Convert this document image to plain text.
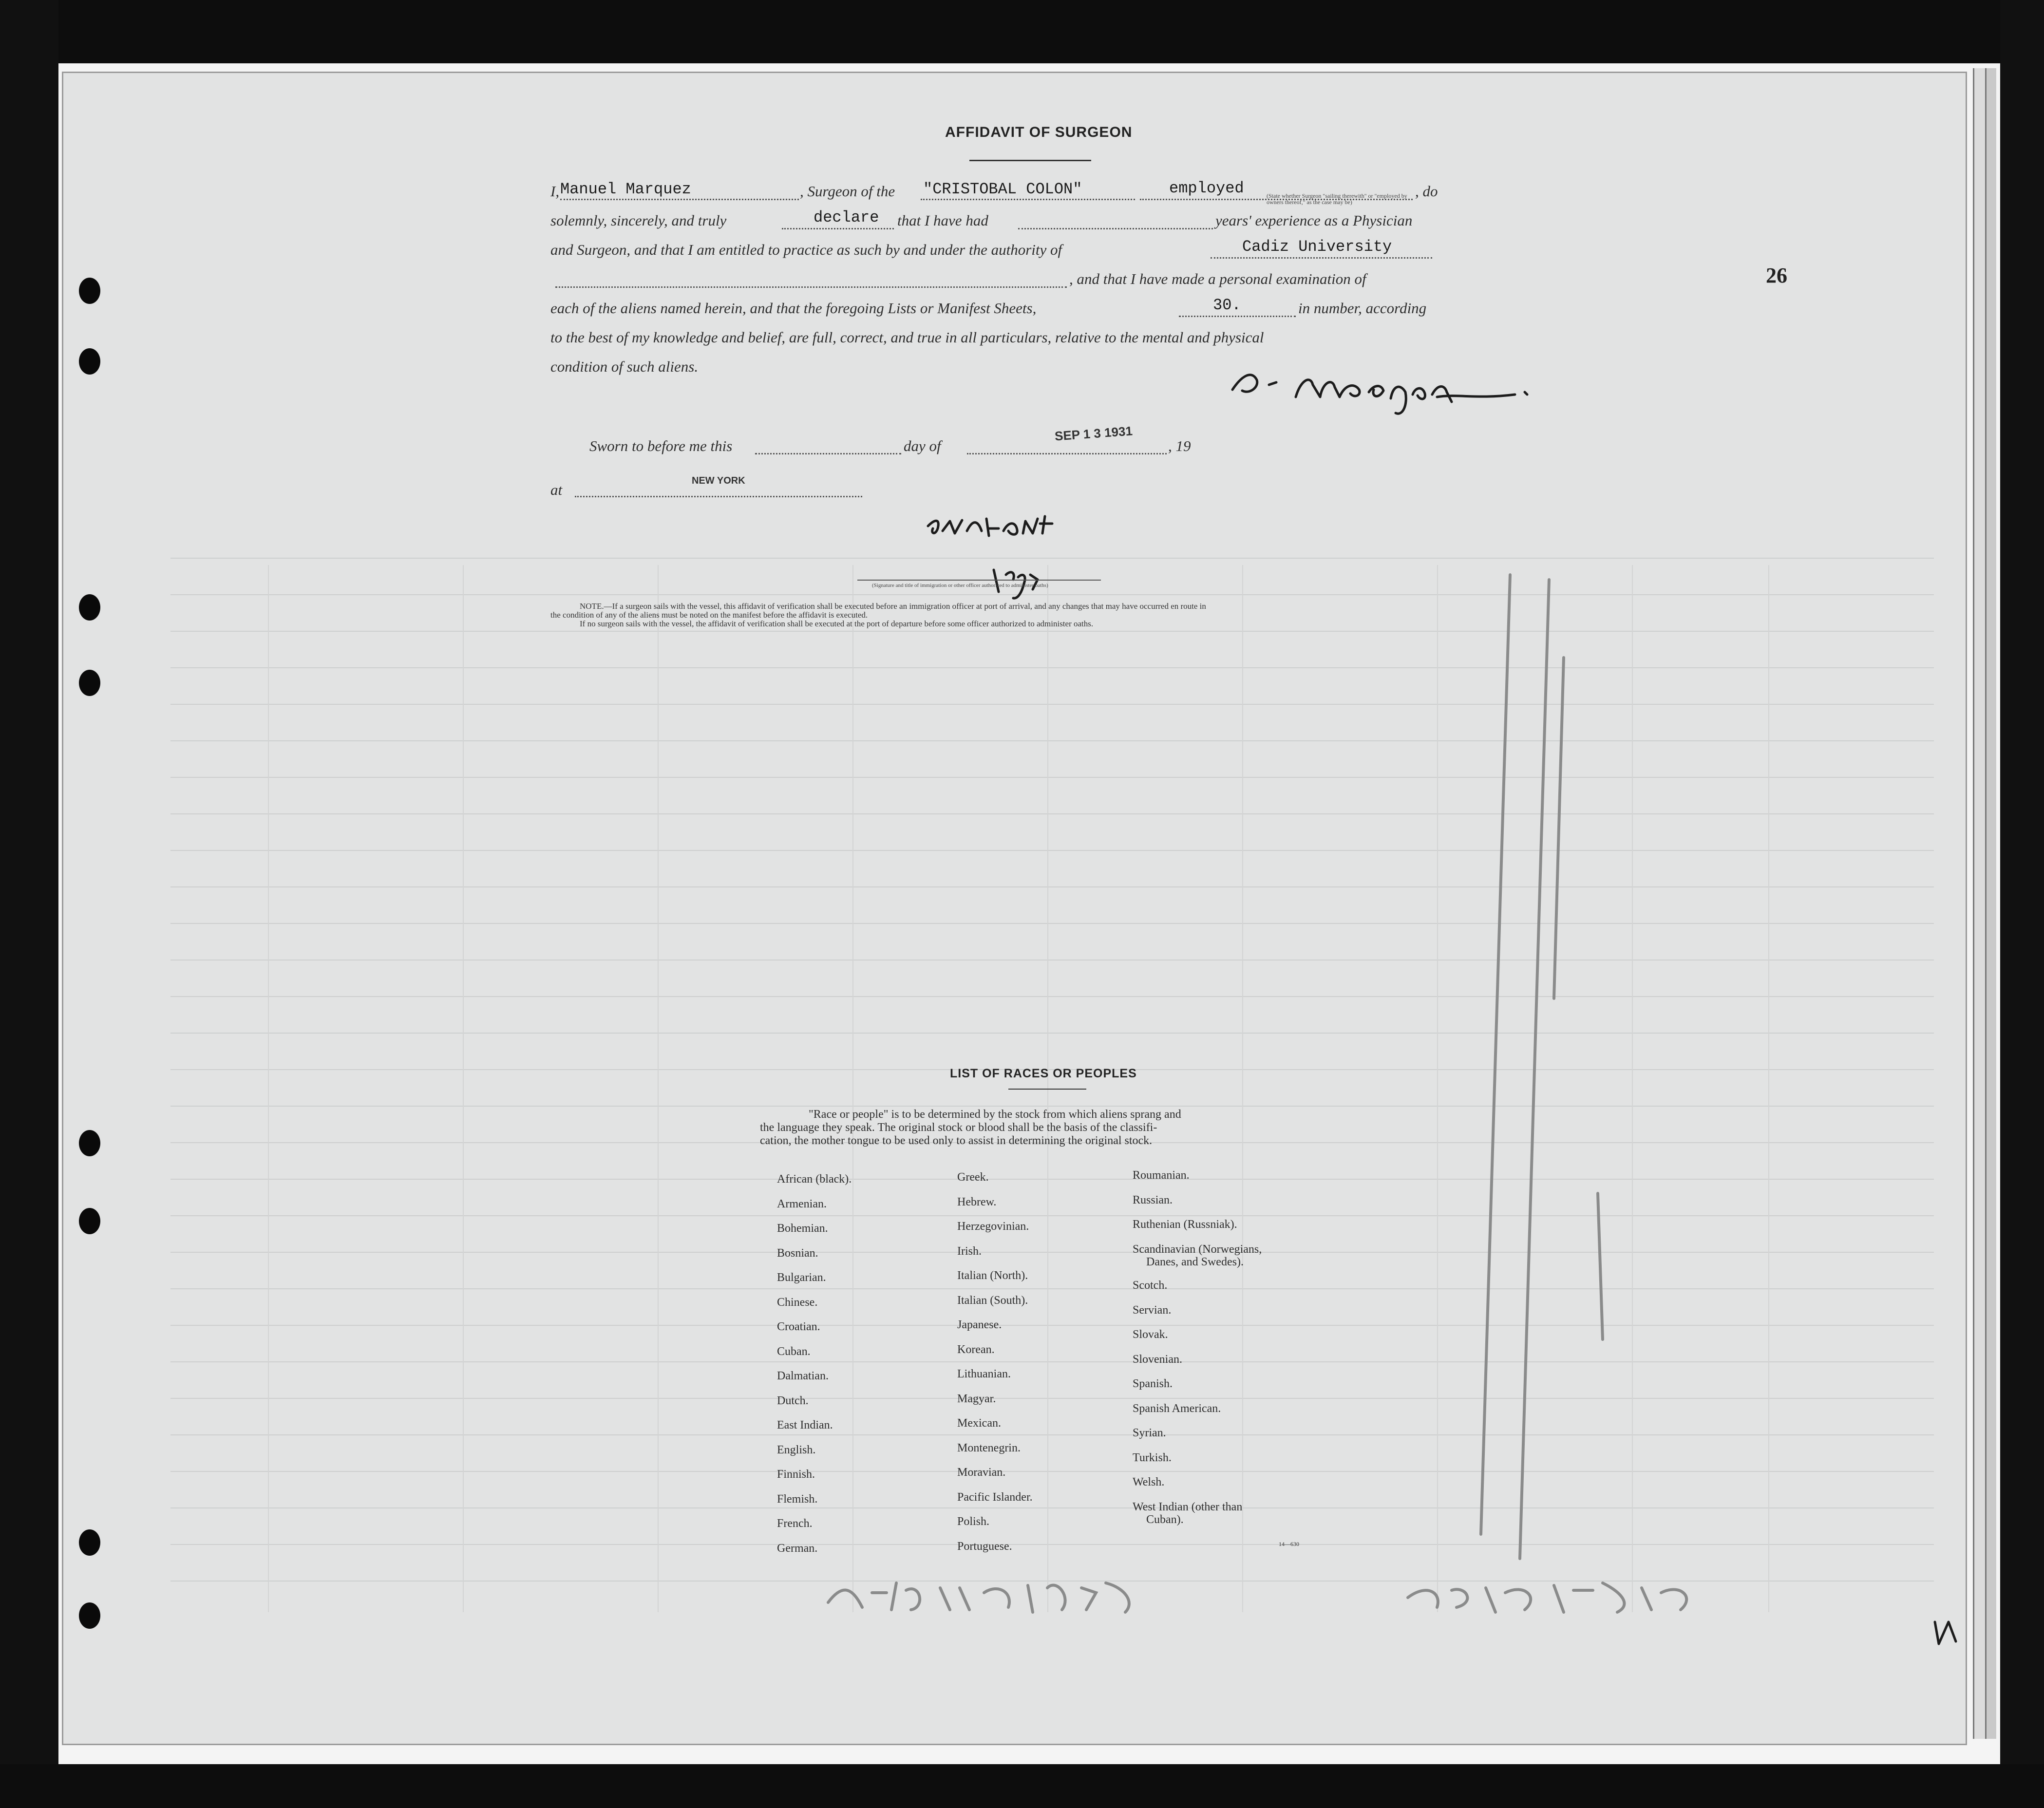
26
AFFIDAVIT OF SURGEON
I, Manuel Marquez	, Surgeon of the "CRISTOBAL COLON"	employed	, do
(State whether Surgeon "sailing therewith" or "employed by owners thereof," as the case may be)
solemnly, sincerely, and truly	declare that I have had	years' experience as a Physician
and Surgeon, and that I am entitled to practice as such by and under the authority of	Cadiz University
, and that I have made a personal examination of
each of the aliens named herein, and that the foregoing Lists or Manifest Sheets,	30.	in number, according
to the best of my knowledge and belief, are full, correct, and true in all particulars, relative to the mental and physical
condition of such aliens.
Sworn to before me this	day of
SEP 1 3 1931
, 19
at
NEW YORK
(Signature and title of immigration or other officer authorized to administer oaths)
NOTE.—If a surgeon sails with the vessel, this affidavit of verification shall be executed before an immigration officer at port of arrival, and any changes that may have occurred en route in
the condition of any of the aliens must be noted on the manifest before the affidavit is executed.
If no surgeon sails with the vessel, the affidavit of verification shall be executed at the port of departure before some officer authorized to administer oaths.
LIST OF RACES OR PEOPLES
"Race or people" is to be determined by the stock from which aliens sprang and
the language they speak. The original stock or blood shall be the basis of the classifi-
cation, the mother tongue to be used only to assist in determining the original stock.
African (black).
Armenian.
Bohemian.
Bosnian.
Bulgarian.
Chinese.
Croatian.
Cuban.
Dalmatian.
Dutch.
East Indian.
English.
Finnish.
Flemish.
French.
German.
Greek.
Hebrew.
Herzegovinian.
Irish.
Italian (North).
Italian (South).
Japanese.
Korean.
Lithuanian.
Magyar.
Mexican.
Montenegrin.
Moravian.
Pacific Islander.
Polish.
Portuguese.
Roumanian.
Russian.
Ruthenian (Russniak).
Scandinavian (Norwegians,
Danes, and Swedes).
Scotch.
Servian.
Slovak.
Slovenian.
Spanish.
Spanish American.
Syrian.
Turkish.
Welsh.
West Indian (other than
Cuban).
14—630
